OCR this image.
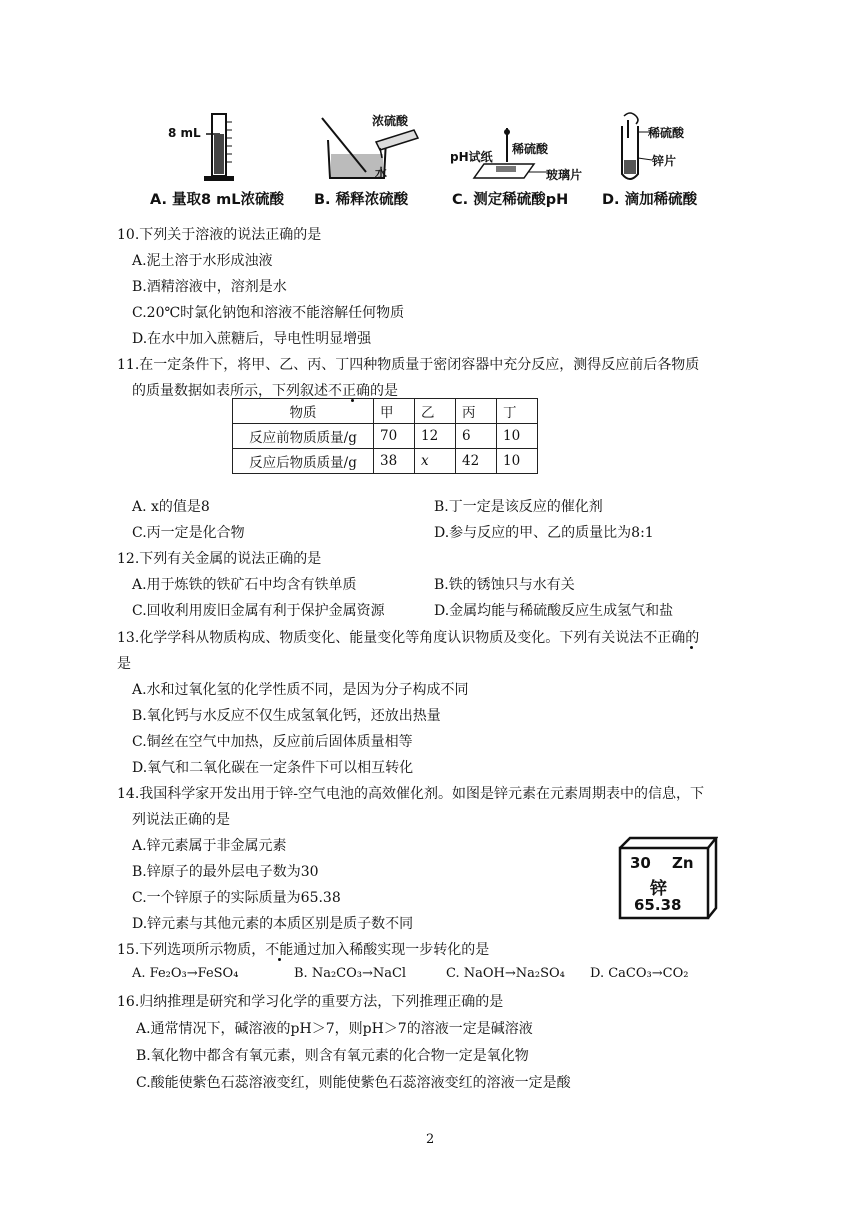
8 mL
A. 量取8 mL浓硫酸
浓硫酸
水
B. 稀释浓硫酸
pH试纸
稀硫酸
玻璃片
C. 测定稀硫酸pH
稀硫酸
锌片
D. 滴加稀硫酸
10.下列关于溶液的说法正确的是
A.泥土溶于水形成浊液
B.酒精溶液中，溶剂是水
C.20℃时氯化钠饱和溶液不能溶解任何物质
D.在水中加入蔗糖后，导电性明显增强
11.在一定条件下，将甲、乙、丙、丁四种物质量于密闭容器中充分反应，测得反应前后各物质
的质量数据如表所示，下列叙述不正确的是
物质	甲	乙	丙	丁
反应前物质质量/g	70	12	6	10
反应后物质质量/g	38	x	42	10
A. x的值是8	B.丁一定是该反应的催化剂
C.丙一定是化合物	D.参与反应的甲、乙的质量比为8:1
12.下列有关金属的说法正确的是
A.用于炼铁的铁矿石中均含有铁单质	B.铁的锈蚀只与水有关
C.回收利用废旧金属有利于保护金属资源	D.金属均能与稀硫酸反应生成氢气和盐
13.化学学科从物质构成、物质变化、能量变化等角度认识物质及变化。下列有关说法不正确的
是
A.水和过氧化氢的化学性质不同，是因为分子构成不同
B.氧化钙与水反应不仅生成氢氧化钙，还放出热量
C.铜丝在空气中加热，反应前后固体质量相等
D.氧气和二氧化碳在一定条件下可以相互转化
14.我国科学家开发出用于锌-空气电池的高效催化剂。如图是锌元素在元素周期表中的信息，下
列说法正确的是
A.锌元素属于非金属元素
B.锌原子的最外层电子数为30
C.一个锌原子的实际质量为65.38
D.锌元素与其他元素的本质区别是质子数不同
30 Zn
锌
65.38
15.下列选项所示物质，不能通过加入稀酸实现一步转化的是
A. Fe₂O₃→FeSO₄	B. Na₂CO₃→NaCl	C. NaOH→Na₂SO₄ D. CaCO₃→CO₂
16.归纳推理是研究和学习化学的重要方法，下列推理正确的是
A.通常情况下，碱溶液的pH＞7，则pH＞7的溶液一定是碱溶液
B.氧化物中都含有氧元素，则含有氧元素的化合物一定是氧化物
C.酸能使紫色石蕊溶液变红，则能使紫色石蕊溶液变红的溶液一定是酸
2
